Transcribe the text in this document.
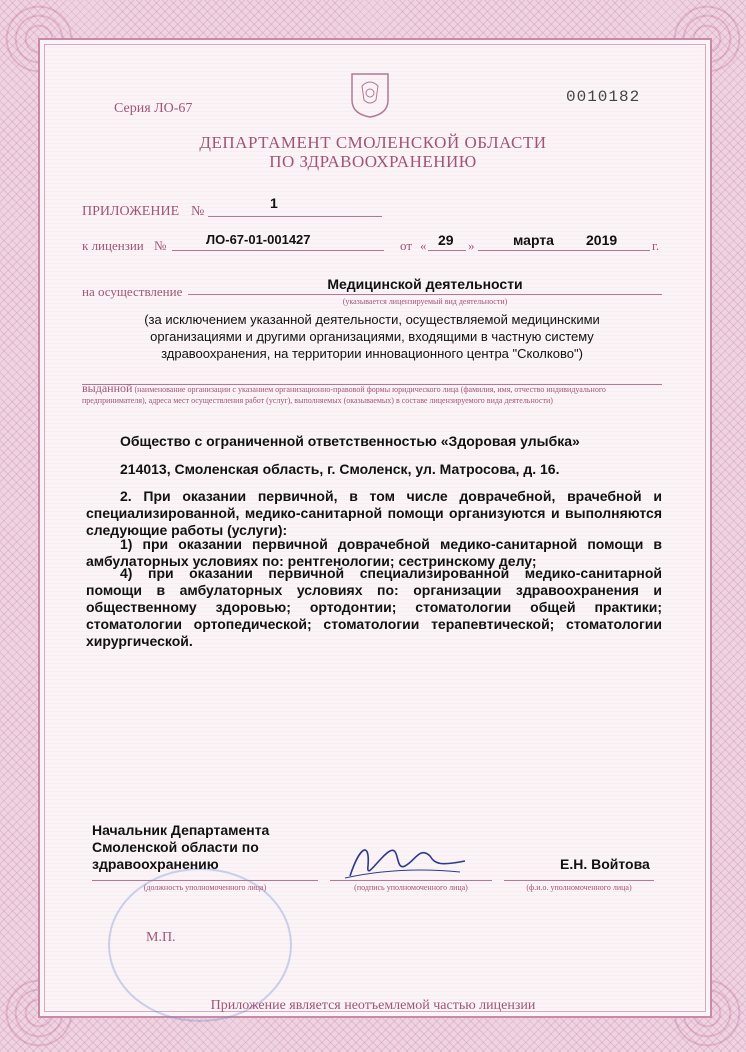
Серия ЛО-67
0010182
ДЕПАРТАМЕНТ СМОЛЕНСКОЙ ОБЛАСТИ
ПО ЗДРАВООХРАНЕНИЮ
ПРИЛОЖЕНИЕ №
1
к лицензии №	ЛО-67-01-001427	от « 29 »	марта 2019	г.
на осуществление	Медицинской деятельности
(указывается лицензируемый вид деятельности)
(за исключением указанной деятельности, осуществляемой медицинскими организациями и другими организациями, входящими в частную систему здравоохранения, на территории инновационного центра "Сколково")
выданной (наименование организации с указанием организационно-правовой формы юридического лица (фамилия, имя, отчество индивидуального предпринимателя), адреса мест осуществления работ (услуг), выполняемых (оказываемых) в составе лицензируемого вида деятельности)
Общество с ограниченной ответственностью «Здоровая улыбка»
214013, Смоленская область, г. Смоленск, ул. Матросова, д. 16.
2. При оказании первичной, в том числе доврачебной, врачебной и специализированной, медико-санитарной помощи организуются и выполняются следующие работы (услуги):
1) при оказании первичной доврачебной медико-санитарной помощи в амбулаторных условиях по: рентгенологии; сестринскому делу;
4) при оказании первичной специализированной медико-санитарной помощи в амбулаторных условиях по: организации здравоохранения и общественному здоровью; ортодонтии; стоматологии общей практики; стоматологии ортопедической; стоматологии терапевтической; стоматологии хирургической.
Начальник Департамента
Смоленской области по
здравоохранению	Е.Н. Войтова
(должность уполномоченного лица)	(подпись уполномоченного лица)	(ф.и.о. уполномоченного лица)
М.П.
Приложение является неотъемлемой частью лицензии
